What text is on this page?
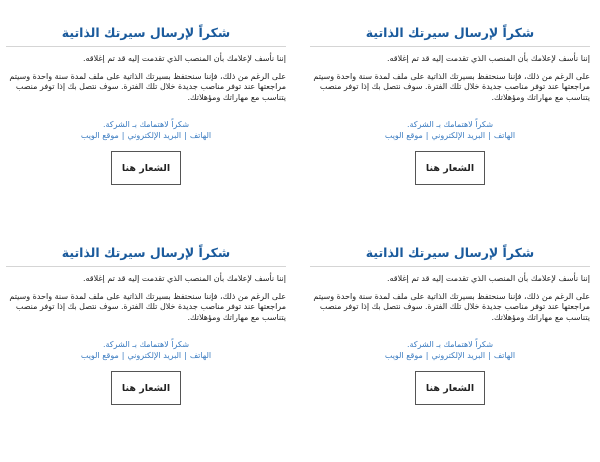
شكراً لإرسال سيرتك الذاتية

إننا نأسف لإعلامك بأن المنصب الذي تقدمت إليه قد تم إغلاقه.

على الرغم من ذلك، فإننا سنحتفظ بسيرتك الذاتية على ملف لمدة سنة واحدة وسيتم مراجعتها عند توفر مناصب جديدة خلال تلك الفترة. سوف نتصل بك إذا توفر منصب يتناسب مع مهاراتك ومؤهلاتك.

شكراً لاهتمامك بـ الشركة.
الهاتف|البريد الإلكتروني|موقع الويب
الشعار هنا
شكراً لإرسال سيرتك الذاتية

إننا نأسف لإعلامك بأن المنصب الذي تقدمت إليه قد تم إغلاقه.

على الرغم من ذلك، فإننا سنحتفظ بسيرتك الذاتية على ملف لمدة سنة واحدة وسيتم مراجعتها عند توفر مناصب جديدة خلال تلك الفترة. سوف نتصل بك إذا توفر منصب يتناسب مع مهاراتك ومؤهلاتك.

شكراً لاهتمامك بـ الشركة.
الهاتف|البريد الإلكتروني|موقع الويب
الشعار هنا
شكراً لإرسال سيرتك الذاتية

إننا نأسف لإعلامك بأن المنصب الذي تقدمت إليه قد تم إغلاقه.

على الرغم من ذلك، فإننا سنحتفظ بسيرتك الذاتية على ملف لمدة سنة واحدة وسيتم مراجعتها عند توفر مناصب جديدة خلال تلك الفترة. سوف نتصل بك إذا توفر منصب يتناسب مع مهاراتك ومؤهلاتك.

شكراً لاهتمامك بـ الشركة.
الهاتف|البريد الإلكتروني|موقع الويب
الشعار هنا
شكراً لإرسال سيرتك الذاتية

إننا نأسف لإعلامك بأن المنصب الذي تقدمت إليه قد تم إغلاقه.

على الرغم من ذلك، فإننا سنحتفظ بسيرتك الذاتية على ملف لمدة سنة واحدة وسيتم مراجعتها عند توفر مناصب جديدة خلال تلك الفترة. سوف نتصل بك إذا توفر منصب يتناسب مع مهاراتك ومؤهلاتك.

شكراً لاهتمامك بـ الشركة.
الهاتف|البريد الإلكتروني|موقع الويب
الشعار هنا
